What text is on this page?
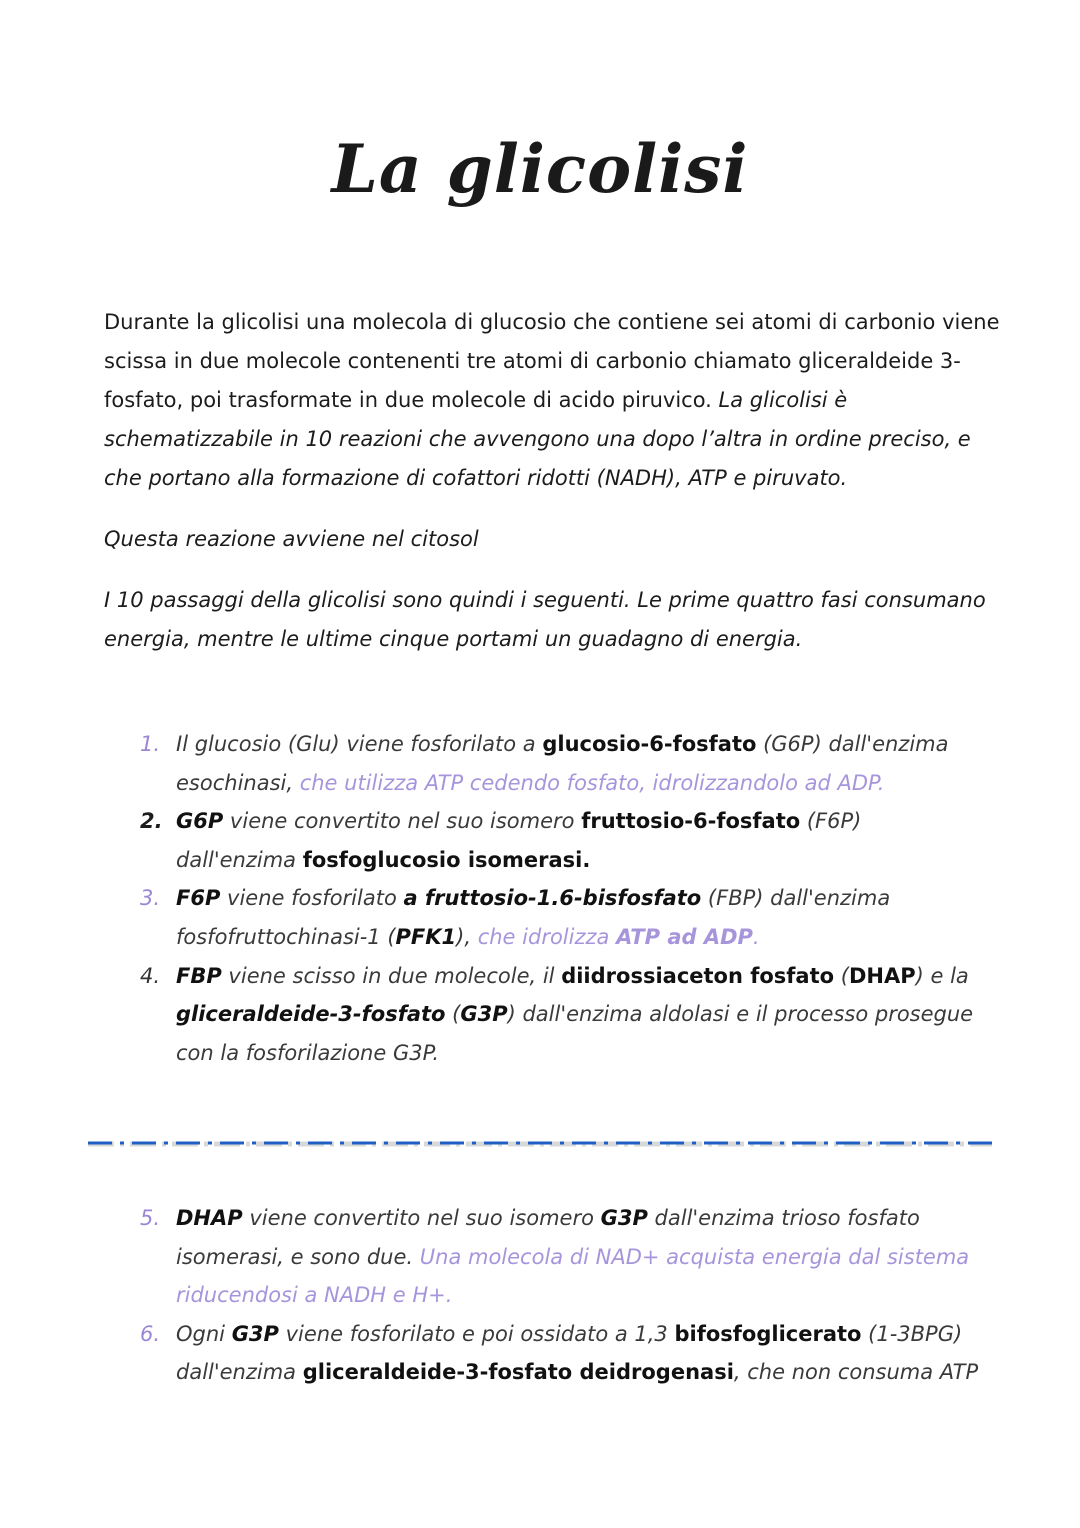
La glicolisi

Durante la glicolisi una molecola di glucosio che contiene sei atomi di carbonio viene scissa in due molecole contenenti tre atomi di carbonio chiamato gliceraldeide 3-fosfato, poi trasformate in due molecole di acido piruvico. La glicolisi è schematizzabile in 10 reazioni che avvengono una dopo l’altra in ordine preciso, e che portano alla formazione di cofattori ridotti (NADH), ATP e piruvato.

Questa reazione avviene nel citosol

I 10 passaggi della glicolisi sono quindi i seguenti. Le prime quattro fasi consumano energia, mentre le ultime cinque portami un guadagno di energia.

1. Il glucosio (Glu) viene fosforilato a glucosio-6-fosfato (G6P) dall'enzima esochinasi, che utilizza ATP cedendo fosfato, idrolizzandolo ad ADP.
2. G6P viene convertito nel suo isomero fruttosio-6-fosfato (F6P) dall'enzima fosfoglucosio isomerasi.
3. F6P viene fosforilato a fruttosio-1.6-bisfosfato (FBP) dall'enzima fosfofruttochinasi-1 (PFK1), che idrolizza ATP ad ADP.
4. FBP viene scisso in due molecole, il diidrossiaceton fosfato (DHAP) e la gliceraldeide-3-fosfato (G3P) dall'enzima aldolasi e il processo prosegue con la fosforilazione G3P.
5. DHAP viene convertito nel suo isomero G3P dall'enzima trioso fosfato isomerasi, e sono due. Una molecola di NAD+ acquista energia dal sistema riducendosi a NADH e H+.
6. Ogni G3P viene fosforilato e poi ossidato a 1,3 bifosfoglicerato (1-3BPG) dall'enzima gliceraldeide-3-fosfato deidrogenasi, che non consuma ATP
